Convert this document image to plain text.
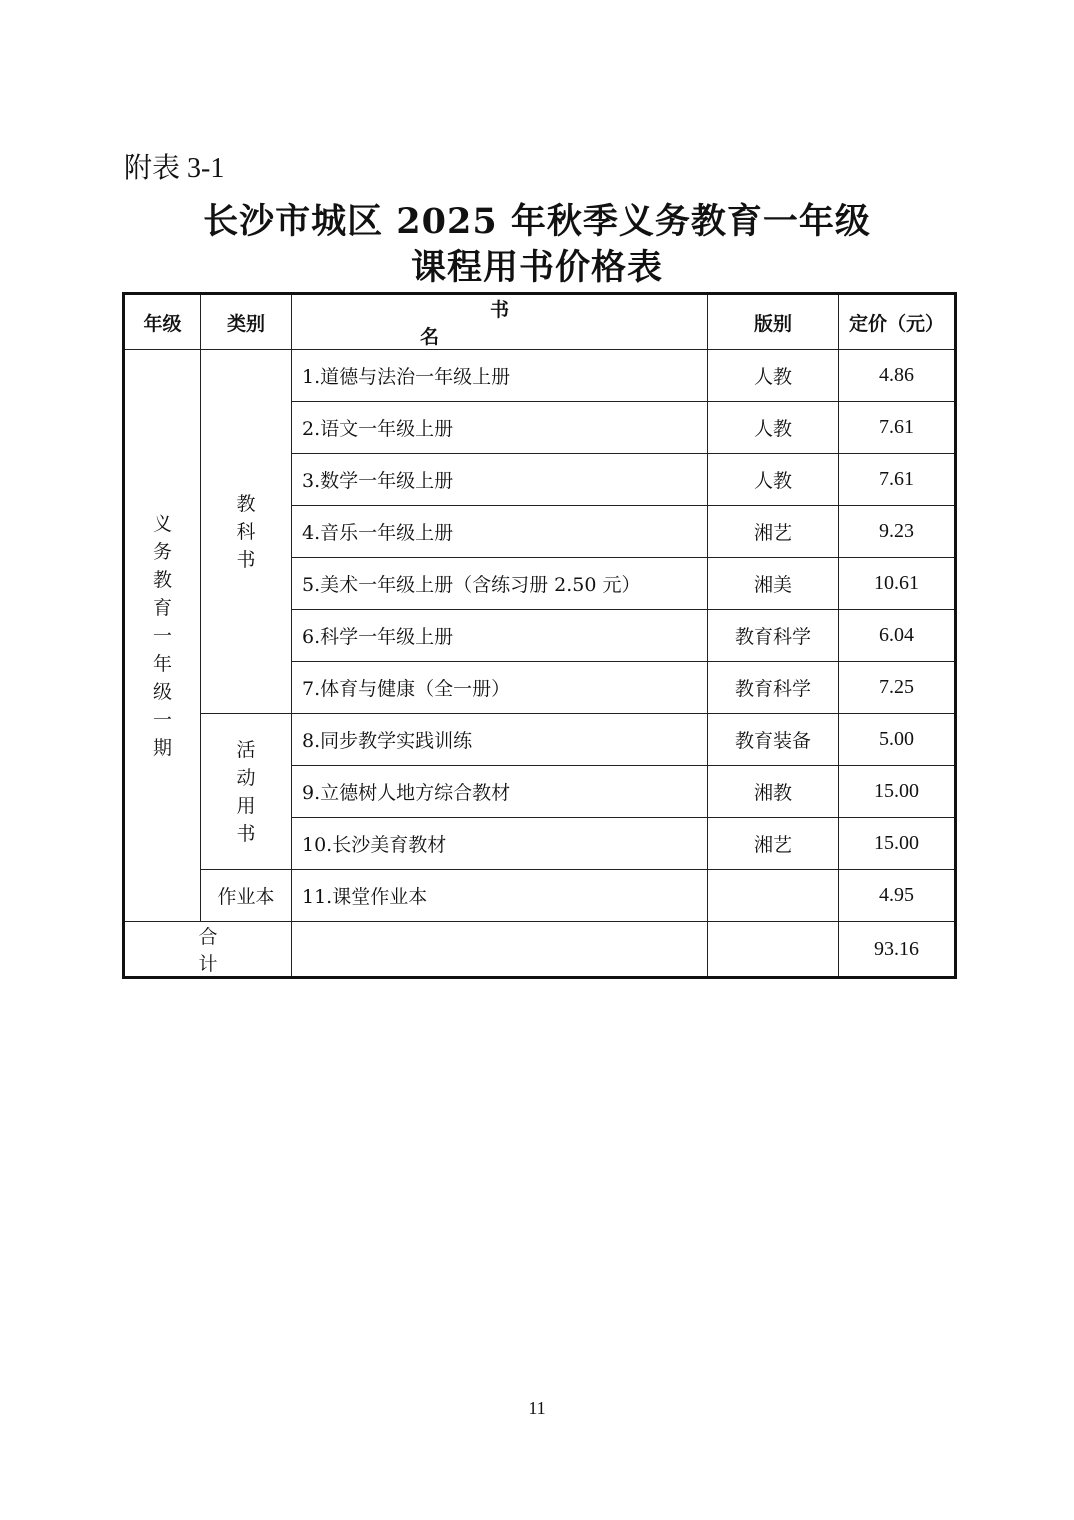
附表 3-1
长沙市城区 2025 年秋季义务教育一年级
课程用书价格表
年级	类别	书 名	版别	定价（元）
义务教育一年级一期	教科书	1.道德与法治一年级上册	人教	4.86
		2.语文一年级上册	人教	7.61
		3.数学一年级上册	人教	7.61
		4.音乐一年级上册	湘艺	9.23
		5.美术一年级上册（含练习册 2.50 元）	湘美	10.61
		6.科学一年级上册	教育科学	6.04
		7.体育与健康（全一册）	教育科学	7.25
	活动用书	8.同步教学实践训练	教育装备	5.00
		9.立德树人地方综合教材	湘教	15.00
		10.长沙美育教材	湘艺	15.00
	作业本	11.课堂作业本		4.95
合计				93.16
11
